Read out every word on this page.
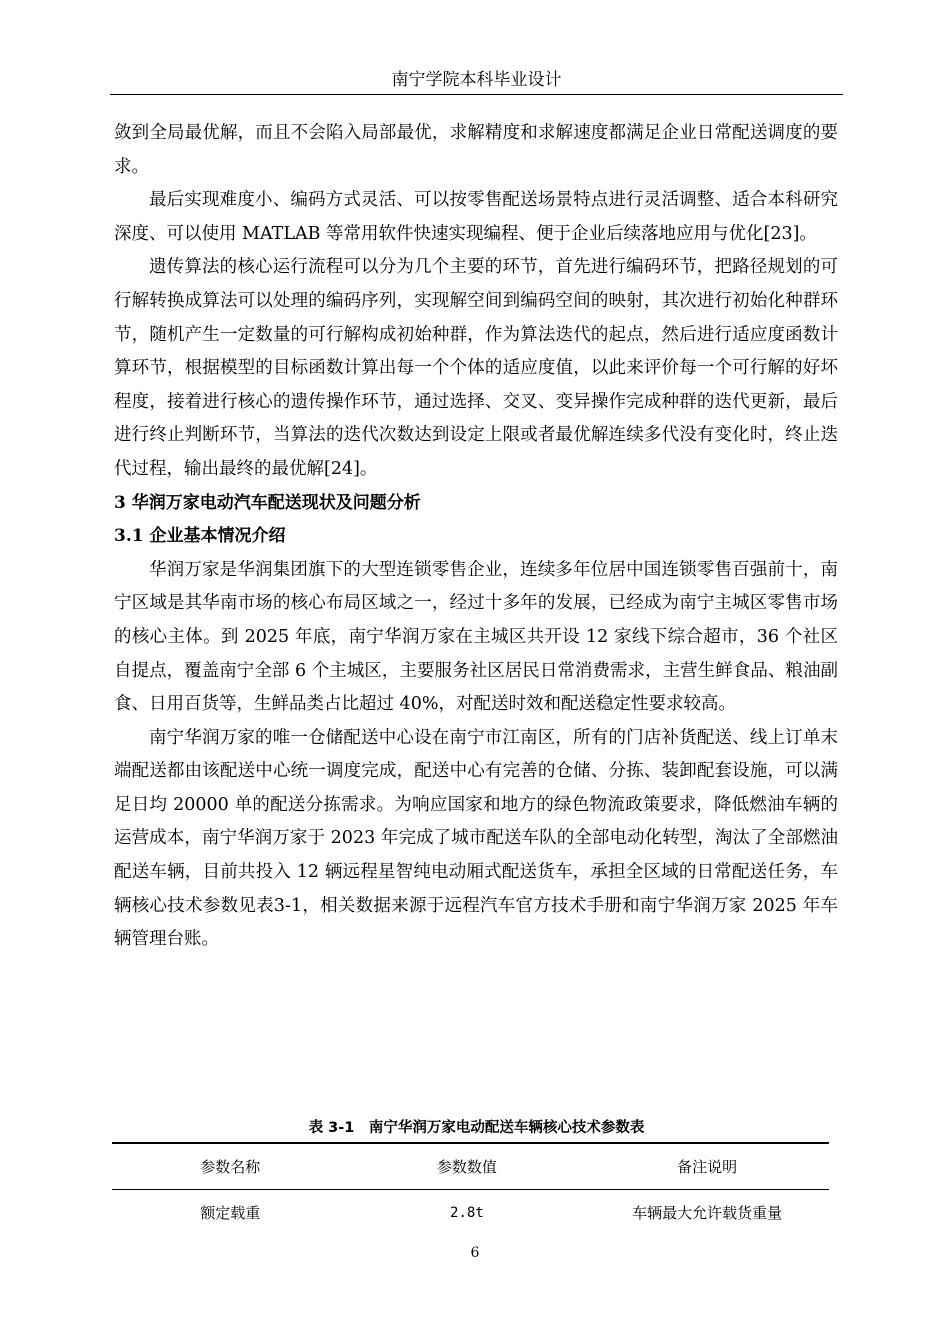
南宁学院本科毕业设计

敛到全局最优解，而且不会陷入局部最优，求解精度和求解速度都满足企业日常配送调度的要求。

最后实现难度小、编码方式灵活、可以按零售配送场景特点进行灵活调整、适合本科研究深度、可以使用 MATLAB 等常用软件快速实现编程、便于企业后续落地应用与优化[23]。

遗传算法的核心运行流程可以分为几个主要的环节，首先进行编码环节，把路径规划的可行解转换成算法可以处理的编码序列，实现解空间到编码空间的映射，其次进行初始化种群环节，随机产生一定数量的可行解构成初始种群，作为算法迭代的起点，然后进行适应度函数计算环节，根据模型的目标函数计算出每一个个体的适应度值，以此来评价每一个可行解的好坏程度，接着进行核心的遗传操作环节，通过选择、交叉、变异操作完成种群的迭代更新，最后进行终止判断环节，当算法的迭代次数达到设定上限或者最优解连续多代没有变化时，终止迭代过程，输出最终的最优解[24]。

3 华润万家电动汽车配送现状及问题分析

3.1 企业基本情况介绍

华润万家是华润集团旗下的大型连锁零售企业，连续多年位居中国连锁零售百强前十，南宁区域是其华南市场的核心布局区域之一，经过十多年的发展，已经成为南宁主城区零售市场的核心主体。到 2025 年底，南宁华润万家在主城区共开设 12 家线下综合超市，36 个社区自提点，覆盖南宁全部 6 个主城区，主要服务社区居民日常消费需求，主营生鲜食品、粮油副食、日用百货等，生鲜品类占比超过 40%，对配送时效和配送稳定性要求较高。

南宁华润万家的唯一仓储配送中心设在南宁市江南区，所有的门店补货配送、线上订单末端配送都由该配送中心统一调度完成，配送中心有完善的仓储、分拣、装卸配套设施，可以满足日均 20000 单的配送分拣需求。为响应国家和地方的绿色物流政策要求，降低燃油车辆的运营成本，南宁华润万家于 2023 年完成了城市配送车队的全部电动化转型，淘汰了全部燃油配送车辆，目前共投入 12 辆远程星智纯电动厢式配送货车，承担全区域的日常配送任务，车辆核心技术参数见表3-1，相关数据来源于远程汽车官方技术手册和南宁华润万家 2025 年车辆管理台账。

表 3-1　南宁华润万家电动配送车辆核心技术参数表
参数名称	参数数值	备注说明
额定载重	2.8t	车辆最大允许载货重量
6
